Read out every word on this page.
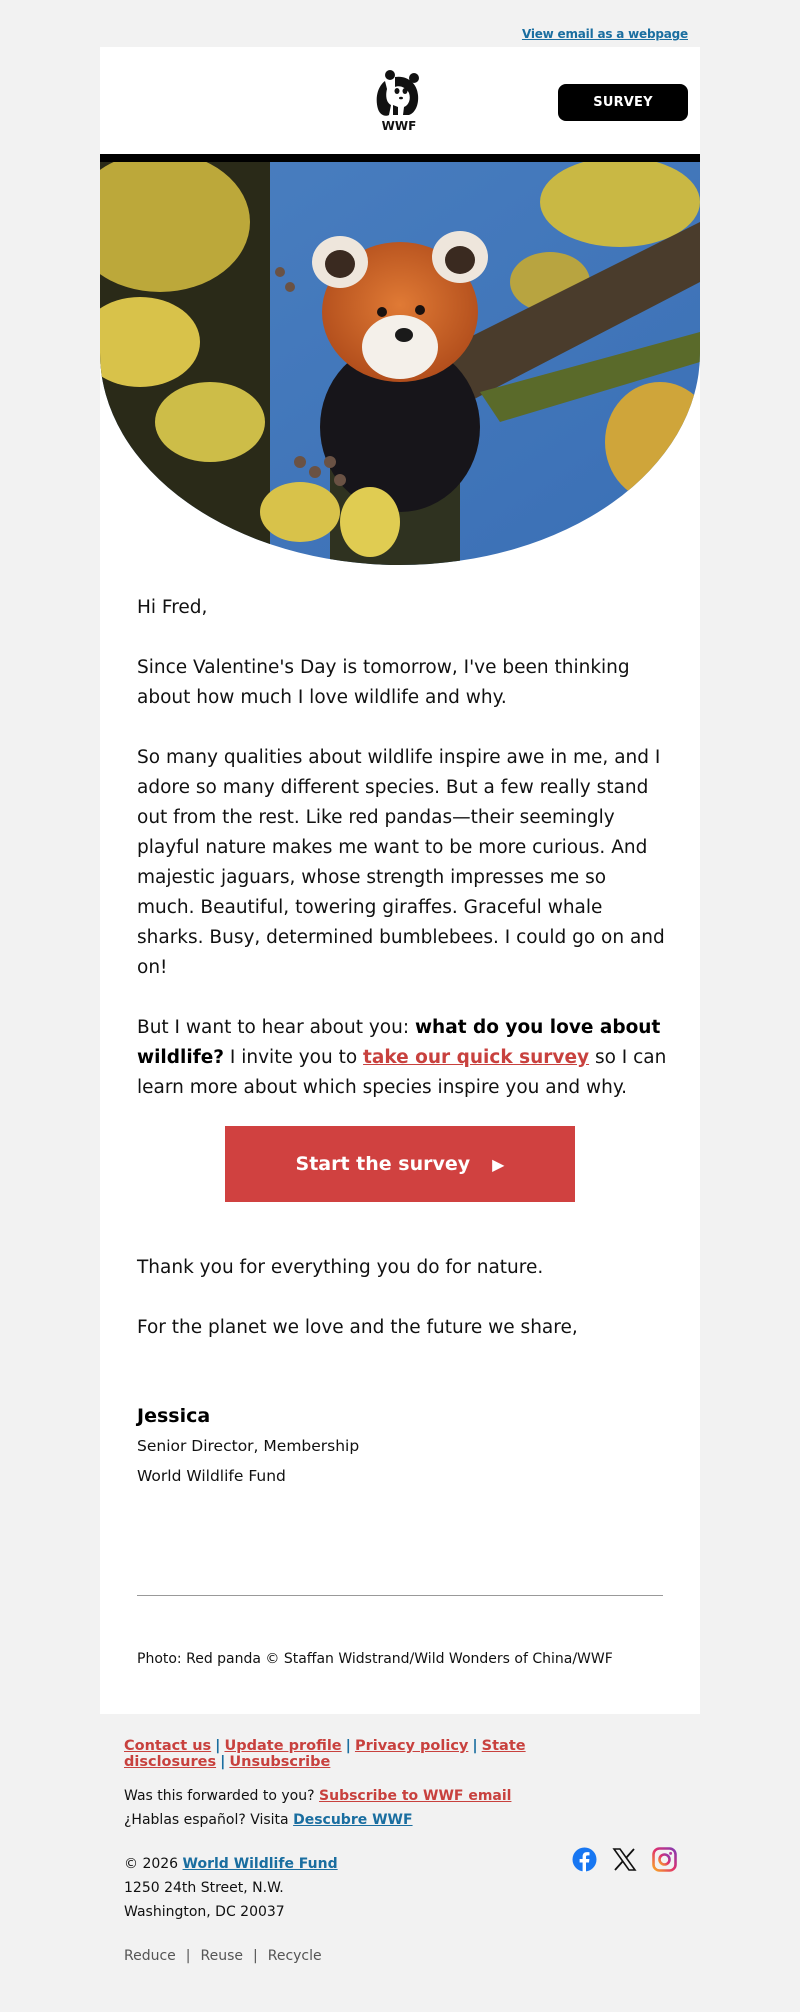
View email as a webpage
WWF
SURVEY

Hi Fred,

Since Valentine's Day is tomorrow, I've been thinking about how much I love wildlife and why.

So many qualities about wildlife inspire awe in me, and I adore so many different species. But a few really stand out from the rest. Like red pandas—their seemingly playful nature makes me want to be more curious. And majestic jaguars, whose strength impresses me so much. Beautiful, towering giraffes. Graceful whale sharks. Busy, determined bumblebees. I could go on and on!

But I want to hear about you: what do you love about wildlife? I invite you to take our quick survey so I can learn more about which species inspire you and why.

Start the survey ▶

Thank you for everything you do for nature.

For the planet we love and the future we share,

Jessica
Senior Director, Membership
World Wildlife Fund
Photo: Red panda © Staffan Widstrand/Wild Wonders of China/WWF
Contact us | Update profile | Privacy policy | State disclosures | Unsubscribe
Was this forwarded to you? Subscribe to WWF email
¿Hablas español? Visita Descubre WWF
© 2026 World Wildlife Fund
1250 24th Street, N.W.
Washington, DC 20037
Reduce | Reuse | Recycle
